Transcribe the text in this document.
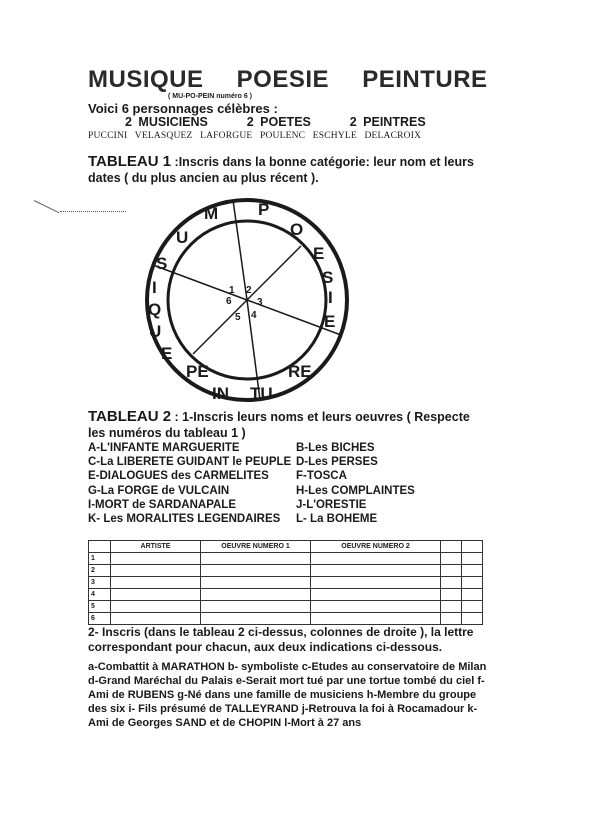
MUSIQUE POESIE PEINTURE
( MU-PO-PEIN numéro 6 )
Voici 6 personnages célèbres :
2 MUSICIENS	2 POETES	2 PEINTRES
PUCCINI VELASQUEZ LAFORGUE POULENC ESCHYLE DELACROIX
TABLEAU 1 :Inscris dans la bonne catégorie: leur nom et leurs dates ( du plus ancien au plus récent ).
1 2
3
4
5
6
M
U
S
I
Q
U
E
P
O
E
S
I
E
PE
IN TU
RE
TABLEAU 2 : 1-Inscris leurs noms et leurs oeuvres ( Respecte les numéros du tableau 1 )
A-L'INFANTE MARGUERITE	B-Les BICHES
C-La LIBERETE GUIDANT le PEUPLE D-Les PERSES
E-DIALOGUES des CARMELITES F-TOSCA
G-La FORGE de VULCAIN	H-Les COMPLAINTES
I-MORT de SARDANAPALE	J-L'ORESTIE
K- Les MORALITES LEGENDAIRES L- La BOHEME
	ARTISTE	OEUVRE NUMERO 1	OEUVRE NUMERO 2		
1					
2					
3					
4					
5					
6					
2- Inscris (dans le tableau 2 ci-dessus, colonnes de droite ), la lettre correspondant pour chacun, aux deux indications ci-dessous.
a-Combattit à MARATHON b- symboliste c-Etudes au conservatoire de Milan d-Grand Maréchal du Palais e-Serait mort tué par une tortue tombé du ciel f-Ami de RUBENS g-Né dans une famille de musiciens h-Membre du groupe des six i- Fils présumé de TALLEYRAND j-Retrouva la foi à Rocamadour k-Ami de Georges SAND et de CHOPIN l-Mort à 27 ans
